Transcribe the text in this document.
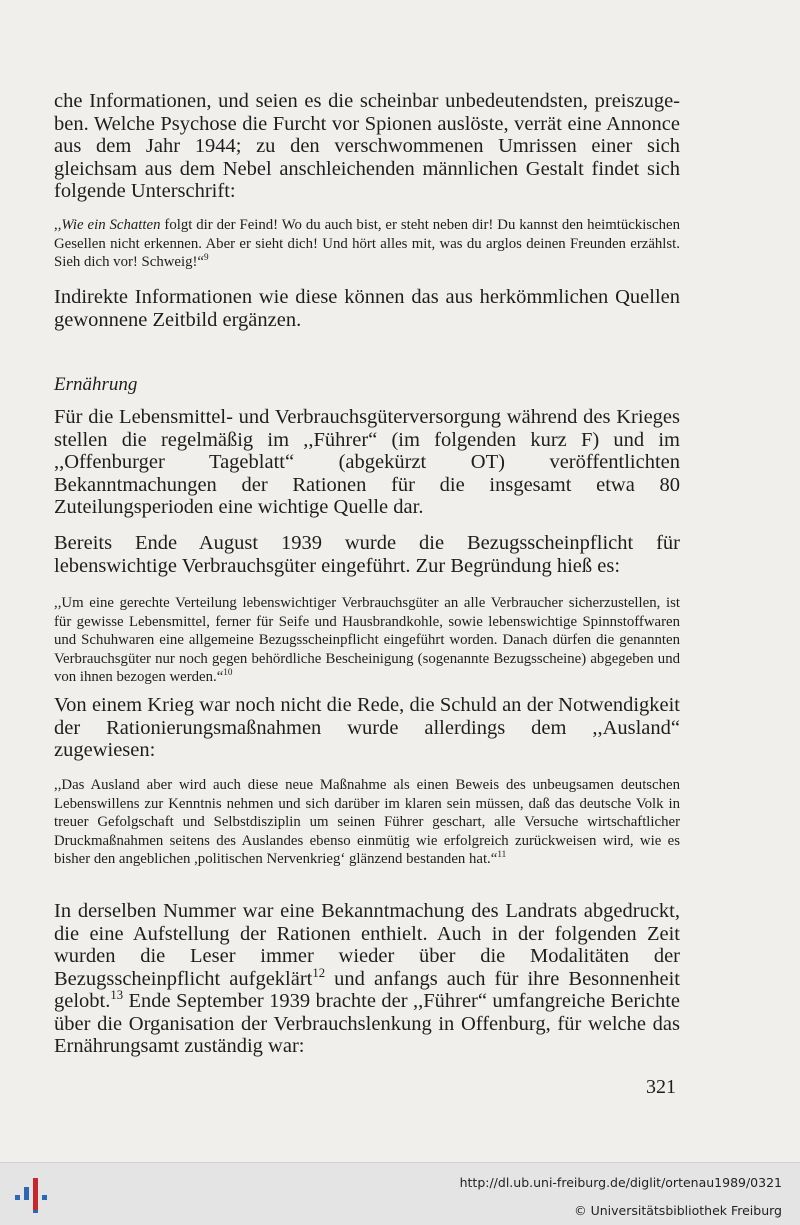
che Informationen, und seien es die scheinbar unbedeutendsten, preiszuge-ben. Welche Psychose die Furcht vor Spionen auslöste, verrät eine Annonce aus dem Jahr 1944; zu den verschwommenen Umrissen einer sich gleichsam aus dem Nebel anschleichenden männlichen Gestalt findet sich folgende Unterschrift:

,,Wie ein Schatten folgt dir der Feind! Wo du auch bist, er steht neben dir! Du kannst den heimtückischen Gesellen nicht erkennen. Aber er sieht dich! Und hört alles mit, was du arglos deinen Freunden erzählst. Sieh dich vor! Schweig!“$^9$

Indirekte Informationen wie diese können das aus herkömmlichen Quellen gewonnene Zeitbild ergänzen.

Ernährung

Für die Lebensmittel- und Verbrauchsgüterversorgung während des Krieges stellen die regelmäßig im ,,Führer“ (im folgenden kurz F) und im ,,Offenburger Tageblatt“ (abgekürzt OT) veröffentlichten Bekanntmachungen der Rationen für die insgesamt etwa 80 Zuteilungsperioden eine wichtige Quelle dar.

Bereits Ende August 1939 wurde die Bezugsscheinpflicht für lebenswichtige Verbrauchsgüter eingeführt. Zur Begründung hieß es:

,,Um eine gerechte Verteilung lebenswichtiger Verbrauchsgüter an alle Verbraucher sicherzustellen, ist für gewisse Lebensmittel, ferner für Seife und Hausbrandkohle, sowie lebenswichtige Spinnstoffwaren und Schuhwaren eine allgemeine Bezugsscheinpflicht eingeführt worden. Danach dürfen die genannten Verbrauchsgüter nur noch gegen behördliche Bescheinigung (sogenannte Bezugsscheine) abgegeben und von ihnen bezogen werden.“$^{10}$

Von einem Krieg war noch nicht die Rede, die Schuld an der Notwendigkeit der Rationierungsmaßnahmen wurde allerdings dem ,,Ausland“ zugewiesen:

,,Das Ausland aber wird auch diese neue Maßnahme als einen Beweis des unbeugsamen deutschen Lebenswillens zur Kenntnis nehmen und sich darüber im klaren sein müssen, daß das deutsche Volk in treuer Gefolgschaft und Selbstdisziplin um seinen Führer geschart, alle Versuche wirtschaftlicher Druckmaßnahmen seitens des Auslandes ebenso einmütig wie erfolgreich zurückweisen wird, wie es bisher den angeblichen ,politischen Nervenkrieg‘ glänzend bestanden hat.“$^{11}$

In derselben Nummer war eine Bekanntmachung des Landrats abgedruckt, die eine Aufstellung der Rationen enthielt. Auch in der folgenden Zeit wurden die Leser immer wieder über die Modalitäten der Bezugsscheinpflicht aufgeklärt$^{12}$ und anfangs auch für ihre Besonnenheit gelobt.$^{13}$ Ende September 1939 brachte der ,,Führer“ umfangreiche Berichte über die Organisation der Verbrauchslenkung in Offenburg, für welche das Ernährungsamt zuständig war:

321
http://dl.ub.uni-freiburg.de/diglit/ortenau1989/0321
© Universitätsbibliothek Freiburg
